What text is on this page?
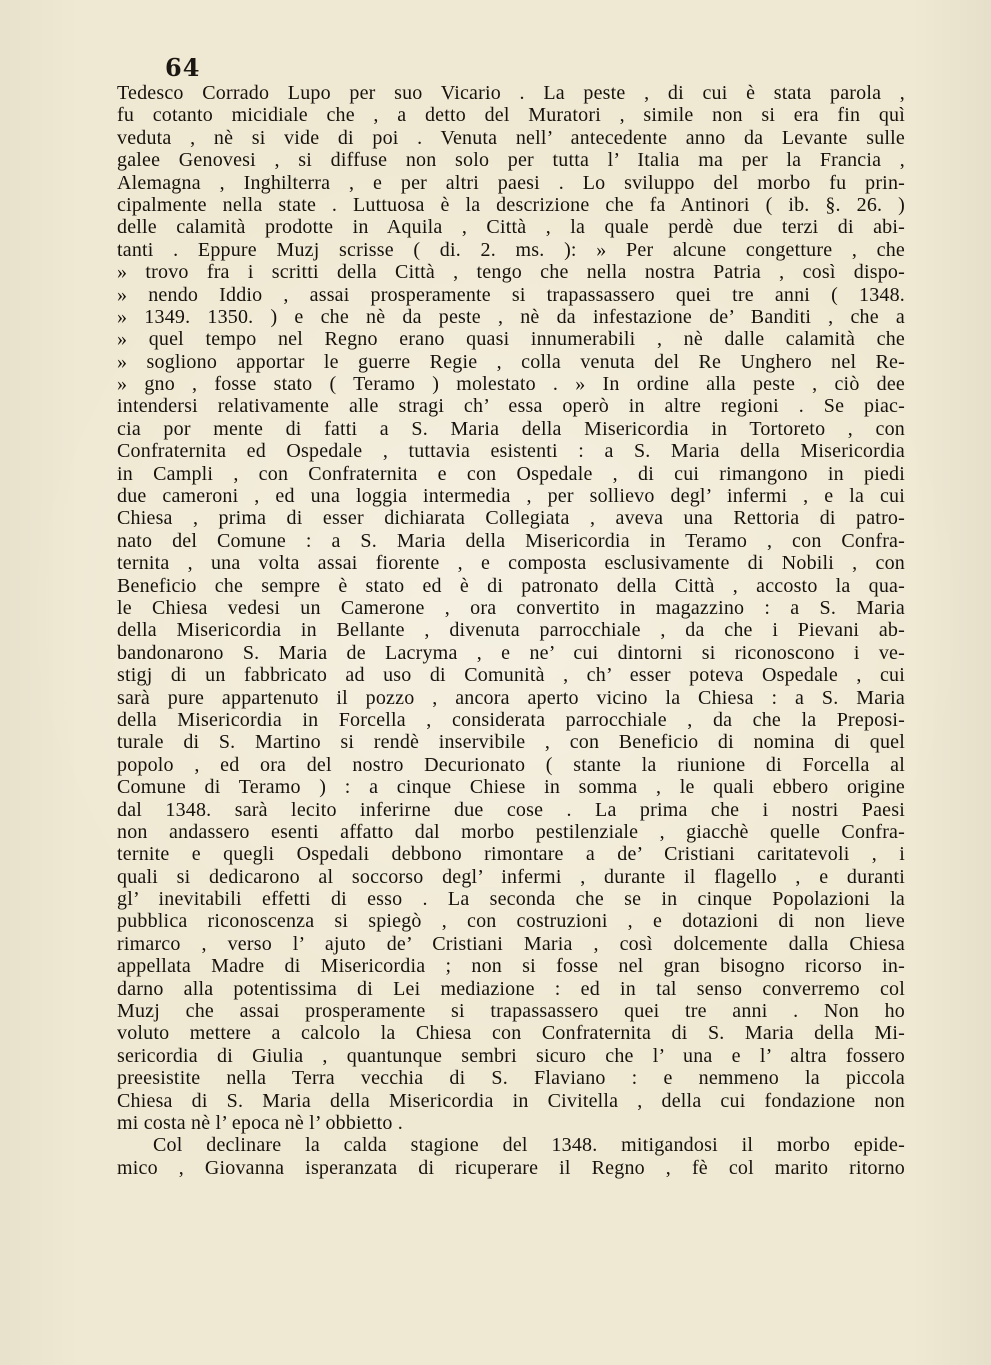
64
Tedesco Corrado Lupo per suo Vicario . La peste , di cui è stata parola ,
fu cotanto micidiale che , a detto del Muratori , simile non si era fin quì
veduta , nè si vide di poi . Venuta nell’ antecedente anno da Levante sulle
galee Genovesi , si diffuse non solo per tutta l’ Italia ma per la Francia ,
Alemagna , Inghilterra , e per altri paesi . Lo sviluppo del morbo fu prin-
cipalmente nella state . Luttuosa è la descrizione che fa Antinori ( ib. §. 26. )
delle calamità prodotte in Aquila , Città , la quale perdè due terzi di abi-
tanti . Eppure Muzj scrisse ( di. 2. ms. ): » Per alcune congetture , che
» trovo fra i scritti della Città , tengo che nella nostra Patria , così dispo-
» nendo Iddio , assai prosperamente si trapassassero quei tre anni ( 1348.
» 1349. 1350. ) e che nè da peste , nè da infestazione de’ Banditi , che a
» quel tempo nel Regno erano quasi innumerabili , nè dalle calamità che
» sogliono apportar le guerre Regie , colla venuta del Re Unghero nel Re-
» gno , fosse stato ( Teramo ) molestato . » In ordine alla peste , ciò dee
intendersi relativamente alle stragi ch’ essa operò in altre regioni . Se piac-
cia por mente di fatti a S. Maria della Misericordia in Tortoreto , con
Confraternita ed Ospedale , tuttavia esistenti : a S. Maria della Misericordia
in Campli , con Confraternita e con Ospedale , di cui rimangono in piedi
due cameroni , ed una loggia intermedia , per sollievo degl’ infermi , e la cui
Chiesa , prima di esser dichiarata Collegiata , aveva una Rettoria di patro-
nato del Comune : a S. Maria della Misericordia in Teramo , con Confra-
ternita , una volta assai fiorente , e composta esclusivamente di Nobili , con
Beneficio che sempre è stato ed è di patronato della Città , accosto la qua-
le Chiesa vedesi un Camerone , ora convertito in magazzino : a S. Maria
della Misericordia in Bellante , divenuta parrocchiale , da che i Pievani ab-
bandonarono S. Maria de Lacryma , e ne’ cui dintorni si riconoscono i ve-
stigj di un fabbricato ad uso di Comunità , ch’ esser poteva Ospedale , cui
sarà pure appartenuto il pozzo , ancora aperto vicino la Chiesa : a S. Maria
della Misericordia in Forcella , considerata parrocchiale , da che la Preposi-
turale di S. Martino si rendè inservibile , con Beneficio di nomina di quel
popolo , ed ora del nostro Decurionato ( stante la riunione di Forcella al
Comune di Teramo ) : a cinque Chiese in somma , le quali ebbero origine
dal 1348. sarà lecito inferirne due cose . La prima che i nostri Paesi
non andassero esenti affatto dal morbo pestilenziale , giacchè quelle Confra-
ternite e quegli Ospedali debbono rimontare a de’ Cristiani caritatevoli , i
quali si dedicarono al soccorso degl’ infermi , durante il flagello , e duranti
gl’ inevitabili effetti di esso . La seconda che se in cinque Popolazioni la
pubblica riconoscenza si spiegò , con costruzioni , e dotazioni di non lieve
rimarco , verso l’ ajuto de’ Cristiani Maria , così dolcemente dalla Chiesa
appellata Madre di Misericordia ; non si fosse nel gran bisogno ricorso in-
darno alla potentissima di Lei mediazione : ed in tal senso converremo col
Muzj che assai prosperamente si trapassassero quei tre anni . Non ho
voluto mettere a calcolo la Chiesa con Confraternita di S. Maria della Mi-
sericordia di Giulia , quantunque sembri sicuro che l’ una e l’ altra fossero
preesistite nella Terra vecchia di S. Flaviano : e nemmeno la piccola
Chiesa di S. Maria della Misericordia in Civitella , della cui fondazione non
mi costa nè l’ epoca nè l’ obbietto .
Col declinare la calda stagione del 1348. mitigandosi il morbo epide-
mico , Giovanna isperanzata di ricuperare il Regno , fè col marito ritorno
